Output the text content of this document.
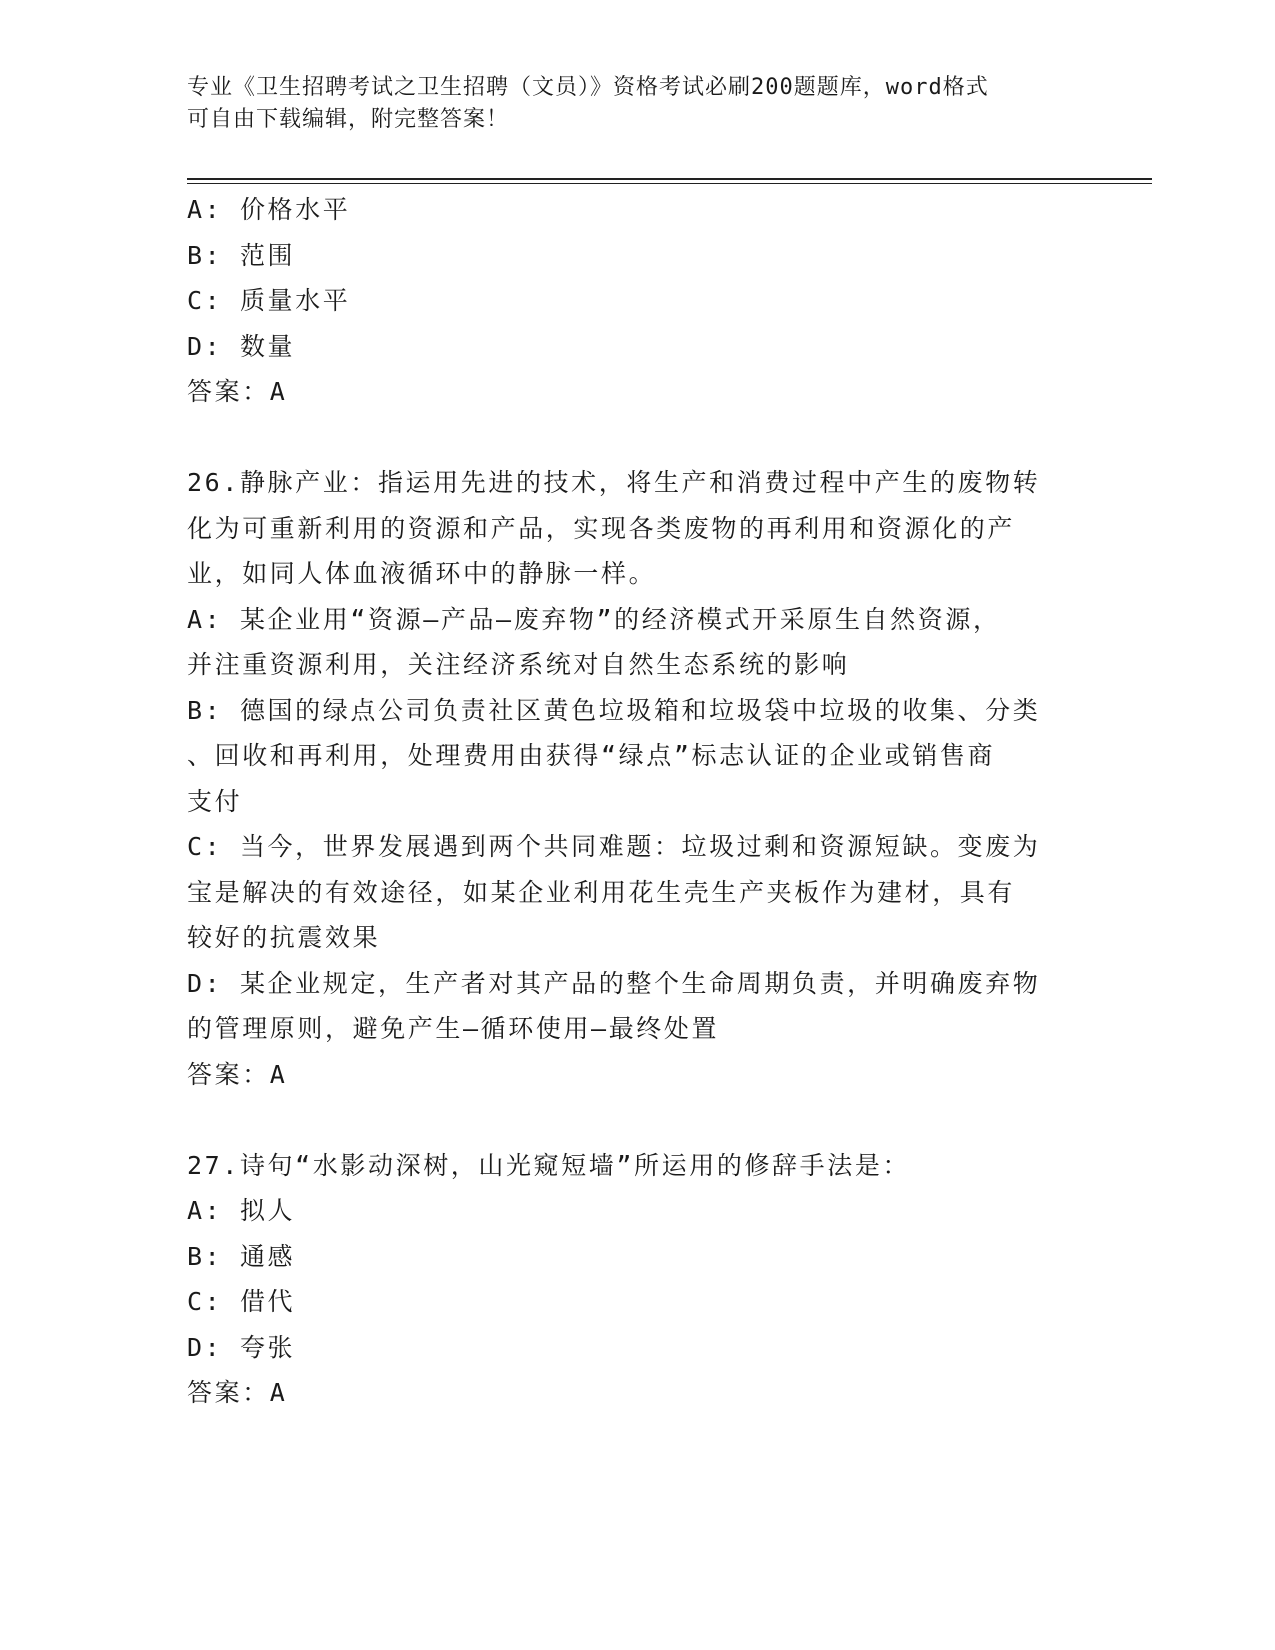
专业《卫生招聘考试之卫生招聘（文员）》资格考试必刷200题题库，word格式
可自由下载编辑，附完整答案！
A: 价格水平
B: 范围
C: 质量水平
D: 数量
答案：A
26.静脉产业：指运用先进的技术，将生产和消费过程中产生的废物转
化为可重新利用的资源和产品，实现各类废物的再利用和资源化的产
业，如同人体血液循环中的静脉一样。
A: 某企业用“资源—产品—废弃物”的经济模式开采原生自然资源，
并注重资源利用，关注经济系统对自然生态系统的影响
B: 德国的绿点公司负责社区黄色垃圾箱和垃圾袋中垃圾的收集、分类
、回收和再利用，处理费用由获得“绿点”标志认证的企业或销售商
支付
C: 当今，世界发展遇到两个共同难题：垃圾过剩和资源短缺。变废为
宝是解决的有效途径，如某企业利用花生壳生产夹板作为建材，具有
较好的抗震效果
D: 某企业规定，生产者对其产品的整个生命周期负责，并明确废弃物
的管理原则，避免产生—循环使用—最终处置
答案：A
27.诗句“水影动深树，山光窥短墙”所运用的修辞手法是：
A: 拟人
B: 通感
C: 借代
D: 夸张
答案：A
